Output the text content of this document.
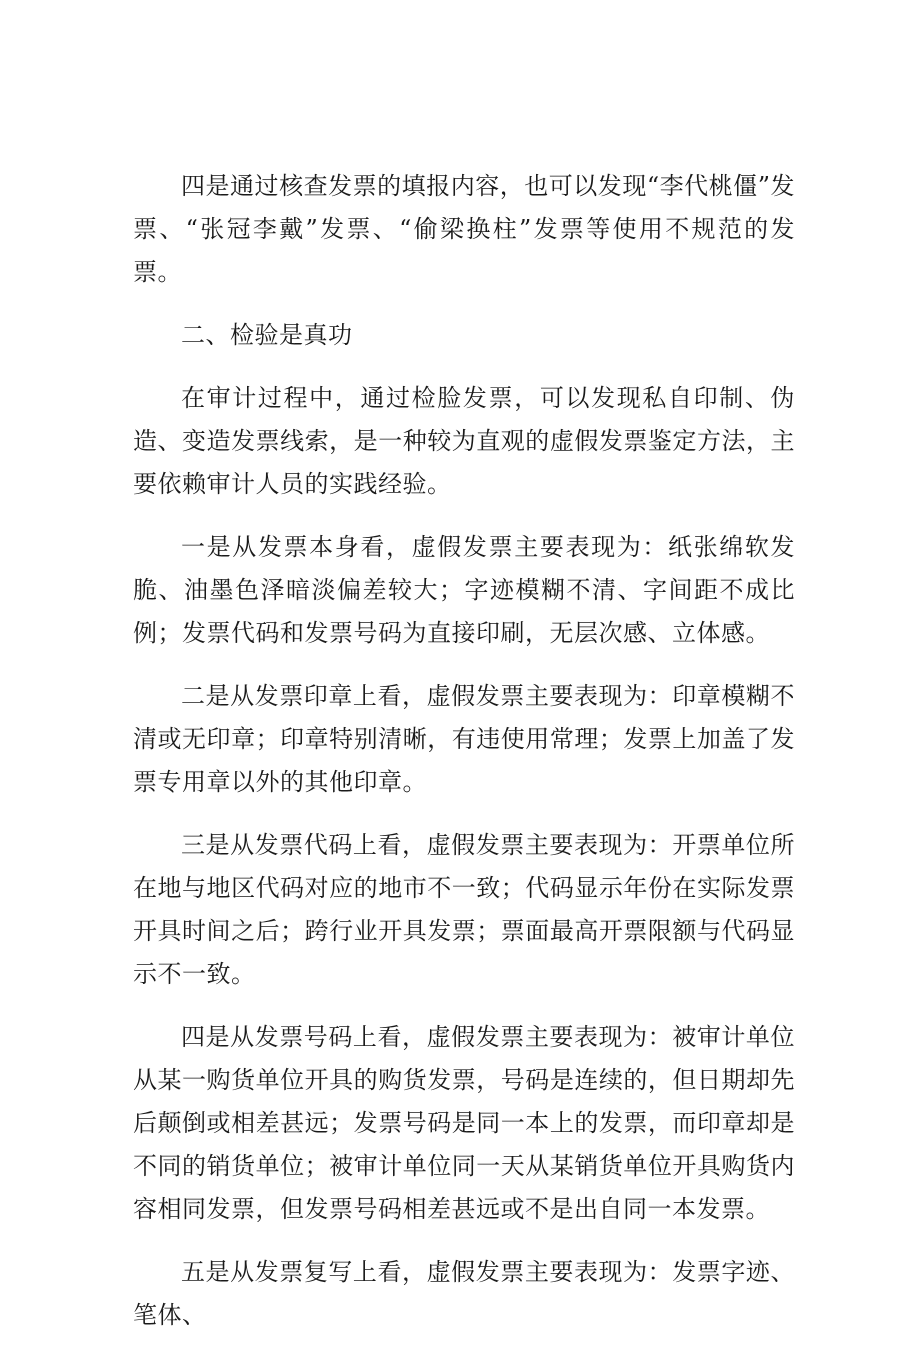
四是通过核查发票的填报内容，也可以发现“李代桃僵”发票、“张冠李戴”发票、“偷梁换柱”发票等使用不规范的发票。

二、检验是真功

在审计过程中，通过检脸发票，可以发现私自印制、伪造、变造发票线索，是一种较为直观的虚假发票鉴定方法，主要依赖审计人员的实践经验。

一是从发票本身看，虚假发票主要表现为：纸张绵软发脆、油墨色泽暗淡偏差较大；字迹模糊不清、字间距不成比例；发票代码和发票号码为直接印刷，无层次感、立体感。

二是从发票印章上看，虚假发票主要表现为：印章模糊不清或无印章；印章特别清晰，有违使用常理；发票上加盖了发票专用章以外的其他印章。

三是从发票代码上看，虚假发票主要表现为：开票单位所在地与地区代码对应的地市不一致；代码显示年份在实际发票开具时间之后；跨行业开具发票；票面最高开票限额与代码显示不一致。

四是从发票号码上看，虚假发票主要表现为：被审计单位从某一购货单位开具的购货发票，号码是连续的，但日期却先后颠倒或相差甚远；发票号码是同一本上的发票，而印章却是不同的销货单位；被审计单位同一天从某销货单位开具购货内容相同发票，但发票号码相差甚远或不是出自同一本发票。

五是从发票复写上看，虚假发票主要表现为：发票字迹、笔体、
